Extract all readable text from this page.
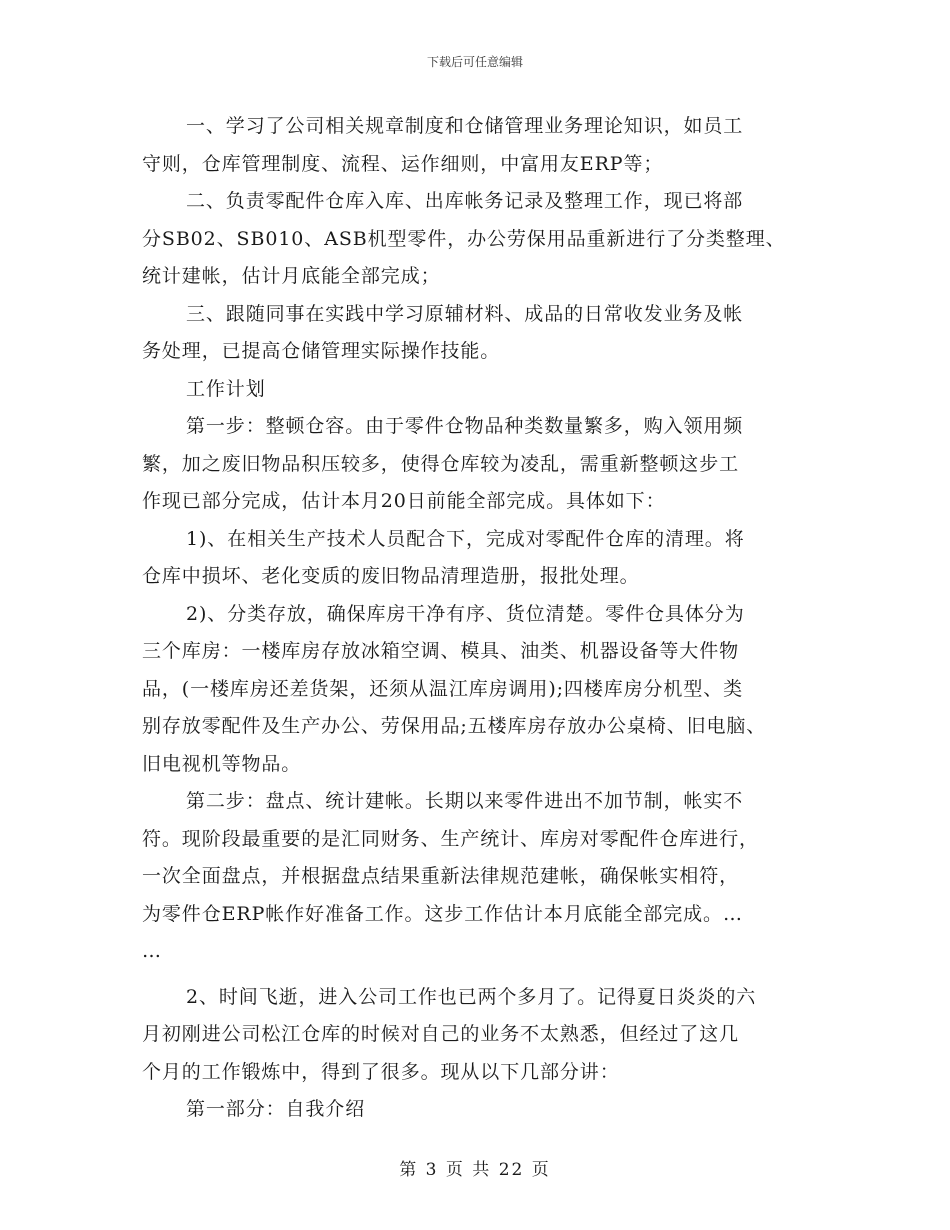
下载后可任意编辑
一、学习了公司相关规章制度和仓储管理业务理论知识，如员工
守则，仓库管理制度、流程、运作细则，中富用友ERP等；
二、负责零配件仓库入库、出库帐务记录及整理工作，现已将部
分SB02、SB010、ASB机型零件，办公劳保用品重新进行了分类整理、
统计建帐，估计月底能全部完成；
三、跟随同事在实践中学习原辅材料、成品的日常收发业务及帐
务处理，已提高仓储管理实际操作技能。
工作计划
第一步：整顿仓容。由于零件仓物品种类数量繁多，购入领用频
繁，加之废旧物品积压较多，使得仓库较为凌乱，需重新整顿这步工
作现已部分完成，估计本月20日前能全部完成。具体如下：
1)、在相关生产技术人员配合下，完成对零配件仓库的清理。将
仓库中损坏、老化变质的废旧物品清理造册，报批处理。
2)、分类存放，确保库房干净有序、货位清楚。零件仓具体分为
三个库房：一楼库房存放冰箱空调、模具、油类、机器设备等大件物
品，(一楼库房还差货架，还须从温江库房调用);四楼库房分机型、类
别存放零配件及生产办公、劳保用品;五楼库房存放办公桌椅、旧电脑、
旧电视机等物品。
第二步：盘点、统计建帐。长期以来零件进出不加节制，帐实不
符。现阶段最重要的是汇同财务、生产统计、库房对零配件仓库进行，
一次全面盘点，并根据盘点结果重新法律规范建帐，确保帐实相符，
为零件仓ERP帐作好准备工作。这步工作估计本月底能全部完成。…
…
2、时间飞逝，进入公司工作也已两个多月了。记得夏日炎炎的六
月初刚进公司松江仓库的时候对自己的业务不太熟悉，但经过了这几
个月的工作锻炼中，得到了很多。现从以下几部分讲：
第一部分：自我介绍
第 3 页 共 22 页
